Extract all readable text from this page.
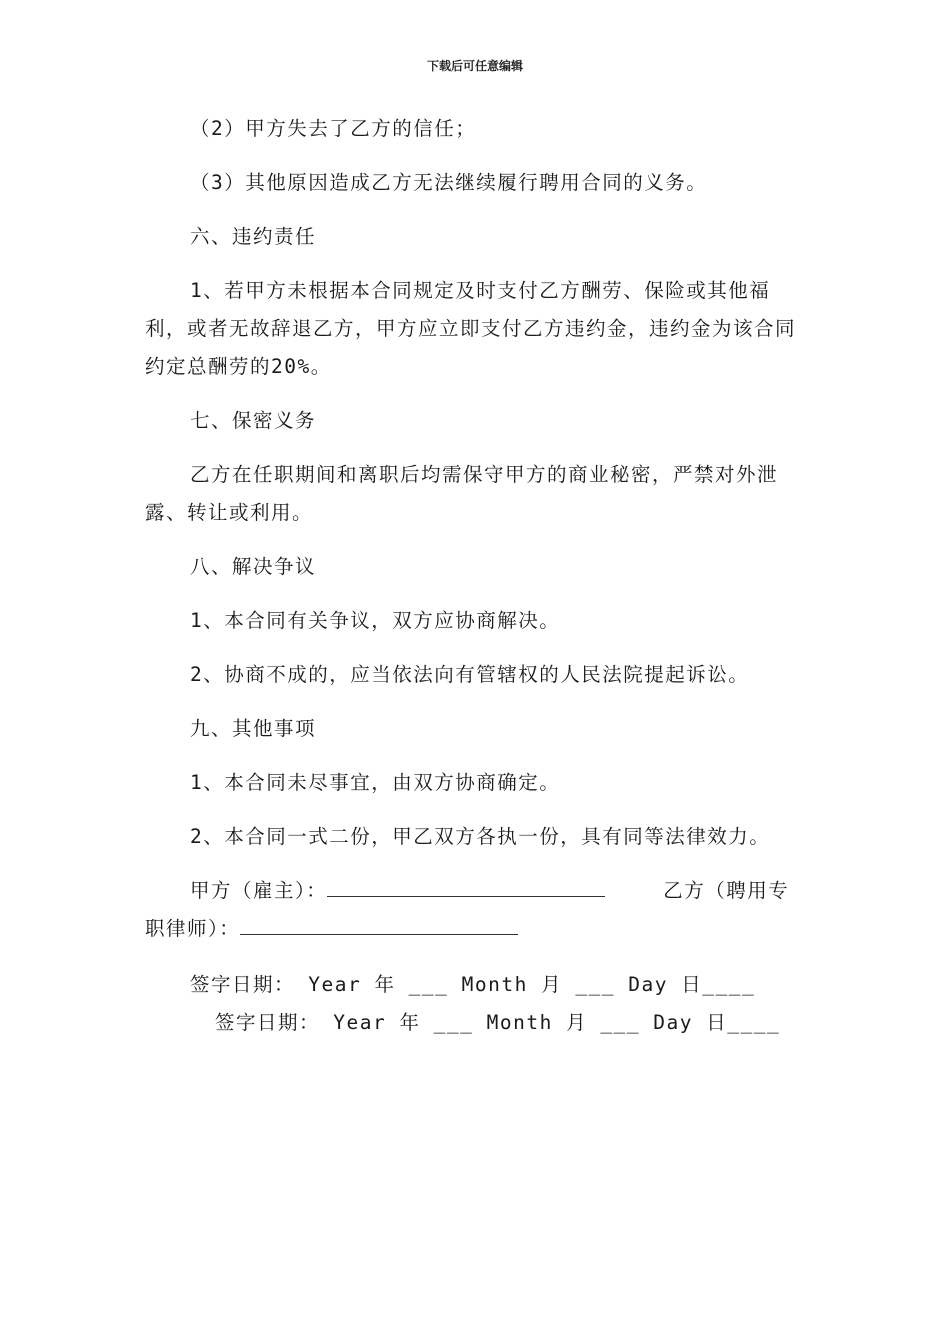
下载后可任意编辑

（2）甲方失去了乙方的信任；

（3）其他原因造成乙方无法继续履行聘用合同的义务。

六、违约责任

1、若甲方未根据本合同规定及时支付乙方酬劳、保险或其他福利，或者无故辞退乙方，甲方应立即支付乙方违约金，违约金为该合同约定总酬劳的20%。

七、保密义务

乙方在任职期间和离职后均需保守甲方的商业秘密，严禁对外泄露、转让或利用。

八、解决争议

1、本合同有关争议，双方应协商解决。

2、协商不成的，应当依法向有管辖权的人民法院提起诉讼。

九、其他事项

1、本合同未尽事宜，由双方协商确定。

2、本合同一式二份，甲乙双方各执一份，具有同等法律效力。

甲方（雇主）：	乙方（聘用专职律师）：

签字日期： Year 年 ___ Month 月 ___ Day 日____签字日期： Year 年 ___ Month 月 ___ Day 日____
